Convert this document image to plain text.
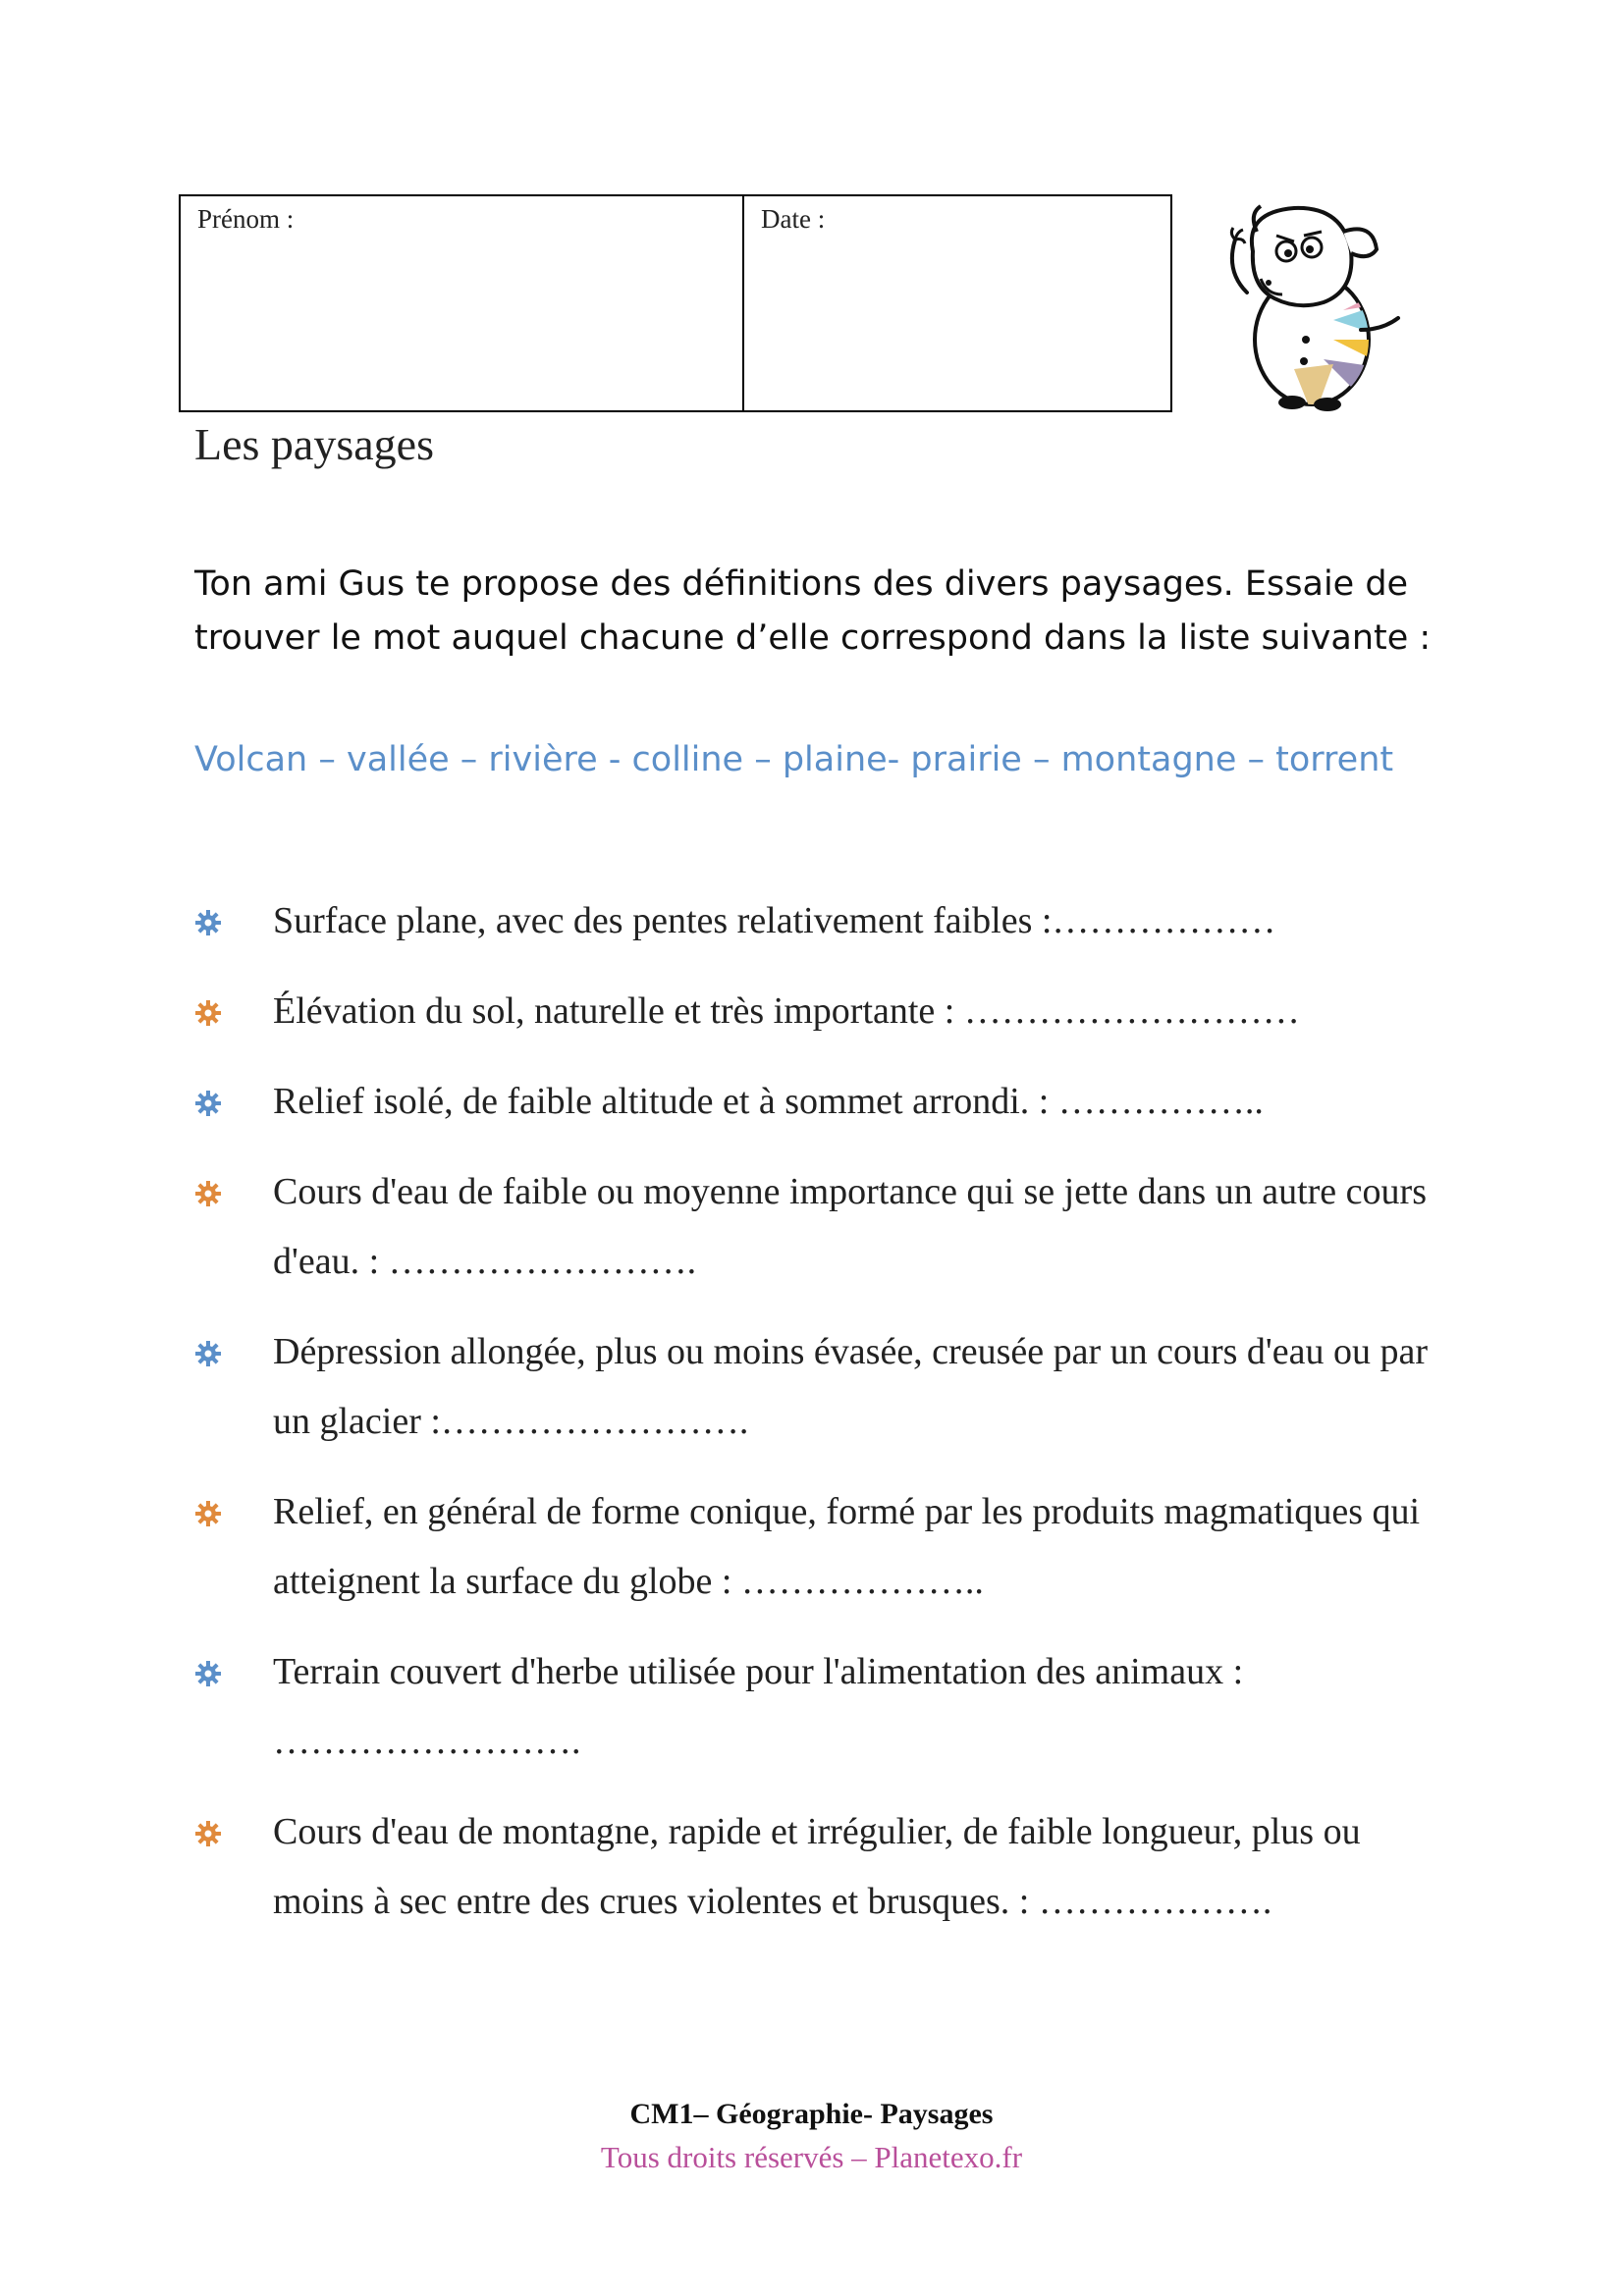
Prénom :	Date :
Les paysages
Ton ami Gus te propose des définitions des divers paysages. Essaie de trouver le mot auquel chacune d’elle correspond dans la liste suivante :
Volcan – vallée – rivière - colline – plaine- prairie – montagne – torrent
Surface plane, avec des pentes relativement faibles :………………
Élévation du sol, naturelle et très importante : ………………………
Relief isolé, de faible altitude et à sommet arrondi. : ……………..
Cours d'eau de faible ou moyenne importance qui se jette dans un autre cours d'eau. : …………………….
Dépression allongée, plus ou moins évasée, creusée par un cours d'eau ou par un glacier :…………………….
Relief, en général de forme conique, formé par les produits magmatiques qui atteignent la surface du globe : ………………..
Terrain couvert d'herbe utilisée pour l'alimentation des animaux : …………………….
Cours d'eau de montagne, rapide et irrégulier, de faible longueur, plus ou moins à sec entre des crues violentes et brusques. : ……………….
CM1– Géographie- Paysages
Tous droits réservés – Planetexo.fr
